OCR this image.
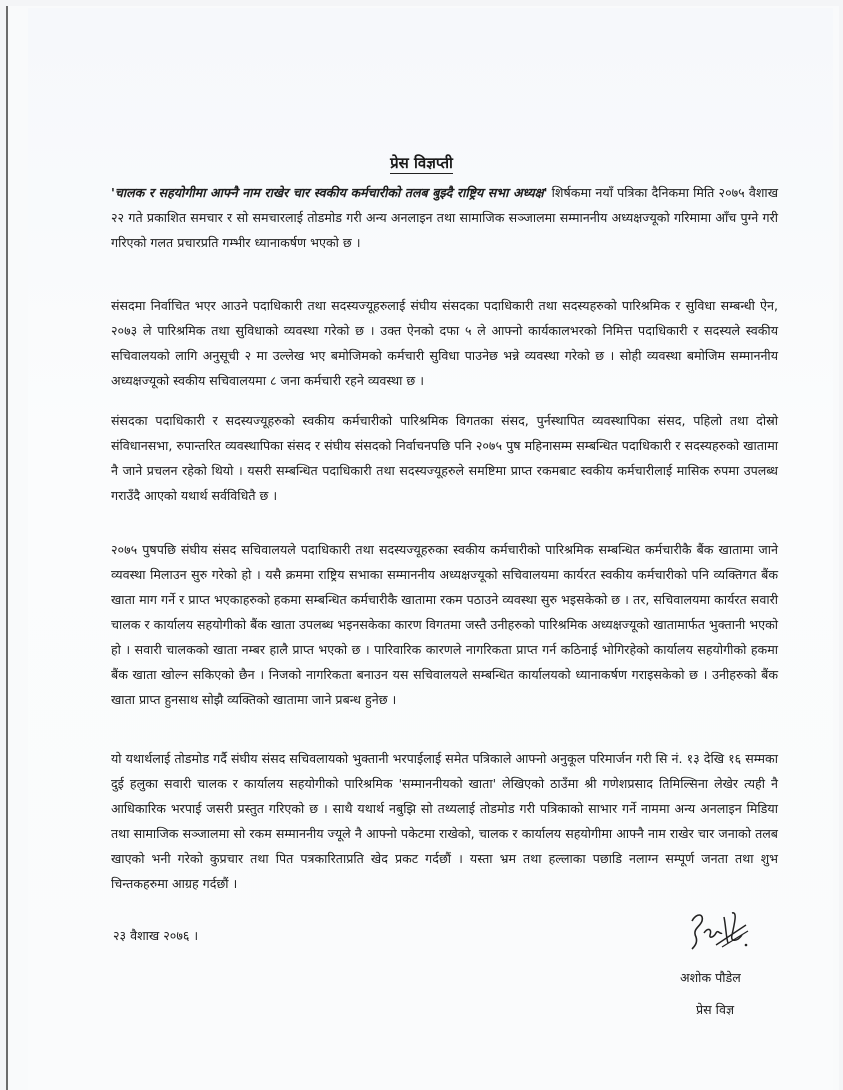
प्रेस विज्ञप्ती
'चालक र सहयोगीमा आफ्नै नाम राखेर चार स्वकीय कर्मचारीको तलब बुझ्दै राष्ट्रिय सभा अध्यक्ष' शिर्षकमा नयाँ पत्रिका दैनिकमा मिति २०७५ वैशाख २२ गते प्रकाशित समचार र सो समचारलाई तोडमोड गरी अन्य अनलाइन तथा सामाजिक सञ्जालमा सम्माननीय अध्यक्षज्यूको गरिमामा आँच पुग्ने गरी गरिएको गलत प्रचारप्रति गम्भीर ध्यानाकर्षण भएको छ ।
संसदमा निर्वाचित भएर आउने पदाधिकारी तथा सदस्यज्यूहरुलाई संघीय संसदका पदाधिकारी तथा सदस्यहरुको पारिश्रमिक र सुविधा सम्बन्धी ऐन, २०७३ ले पारिश्रमिक तथा सुविधाको व्यवस्था गरेको छ । उक्त ऐनको दफा ५ ले आफ्नो कार्यकालभरको निमित्त पदाधिकारी र सदस्यले स्वकीय सचिवालयको लागि अनुसूची २ मा उल्लेख भए बमोजिमको कर्मचारी सुविधा पाउनेछ भन्ने व्यवस्था गरेको छ । सोही व्यवस्था बमोजिम सम्माननीय अध्यक्षज्यूको स्वकीय सचिवालयमा ८ जना कर्मचारी रहने व्यवस्था छ ।
संसदका पदाधिकारी र सदस्यज्यूहरुको स्वकीय कर्मचारीको पारिश्रमिक विगतका संसद, पुर्नस्थापित व्यवस्थापिका संसद, पहिलो तथा दोस्रो संविधानसभा, रुपान्तरित व्यवस्थापिका संसद र संघीय संसदको निर्वाचनपछि पनि २०७५ पुष महिनासम्म सम्बन्धित पदाधिकारी र सदस्यहरुको खातामा नै जाने प्रचलन रहेको थियो । यसरी सम्बन्धित पदाधिकारी तथा सदस्यज्यूहरुले समष्टिमा प्राप्त रकमबाट स्वकीय कर्मचारीलाई मासिक रुपमा उपलब्ध गराउँदै आएको यथार्थ सर्वविधितै छ ।
२०७५ पुषपछि संघीय संसद सचिवालयले पदाधिकारी तथा सदस्यज्यूहरुका स्वकीय कर्मचारीको पारिश्रमिक सम्बन्धित कर्मचारीकै बैंक खातामा जाने व्यवस्था मिलाउन सुरु गरेको हो । यसै क्रममा राष्ट्रिय सभाका सम्माननीय अध्यक्षज्यूको सचिवालयमा कार्यरत स्वकीय कर्मचारीको पनि व्यक्तिगत बैंक खाता माग गर्ने र प्राप्त भएकाहरुको हकमा सम्बन्धित कर्मचारीकै खातामा रकम पठाउने व्यवस्था सुरु भइसकेको छ । तर, सचिवालयमा कार्यरत सवारी चालक र कार्यालय सहयोगीको बैंक खाता उपलब्ध भइनसकेका कारण विगतमा जस्तै उनीहरुको पारिश्रमिक अध्यक्षज्यूको खातामार्फत भुक्तानी भएको हो । सवारी चालकको खाता नम्बर हालै प्राप्त भएको छ । पारिवारिक कारणले नागरिकता प्राप्त गर्न कठिनाई भोगिरहेको कार्यालय सहयोगीको हकमा बैंक खाता खोल्न सकिएको छैन । निजको नागरिकता बनाउन यस सचिवालयले सम्बन्धित कार्यालयको ध्यानाकर्षण गराइसकेको छ । उनीहरुको बैंक खाता प्राप्त हुनसाथ सोझै व्यक्तिको खातामा जाने प्रबन्ध हुनेछ ।
यो यथार्थलाई तोडमोड गर्दै संघीय संसद सचिवलायको भुक्तानी भरपाईलाई समेत पत्रिकाले आफ्नो अनुकूल परिमार्जन गरी सि नं. १३ देखि १६ सम्मका दुई हलुका सवारी चालक र कार्यालय सहयोगीको पारिश्रमिक 'सम्माननीयको खाता' लेखिएको ठाउँमा श्री गणेशप्रसाद तिमिल्सिना लेखेर त्यही नै आधिकारिक भरपाई जसरी प्रस्तुत गरिएको छ । साथै यथार्थ नबुझि सो तथ्यलाई तोडमोड गरी पत्रिकाको साभार गर्ने नाममा अन्य अनलाइन मिडिया तथा सामाजिक सञ्जालमा सो रकम सम्माननीय ज्यूले नै आफ्नो पकेटमा राखेको, चालक र कार्यालय सहयोगीमा आफ्नै नाम राखेर चार जनाको तलब खाएको भनी गरेको कुप्रचार तथा पित पत्रकारिताप्रति खेद प्रकट गर्दछौं । यस्ता भ्रम तथा हल्लाका पछाडि नलाग्न सम्पूर्ण जनता तथा शुभ चिन्तकहरुमा आग्रह गर्दछौं ।
२३ वैशाख २०७६ ।
अशोक पौडेल
प्रेस विज्ञ
